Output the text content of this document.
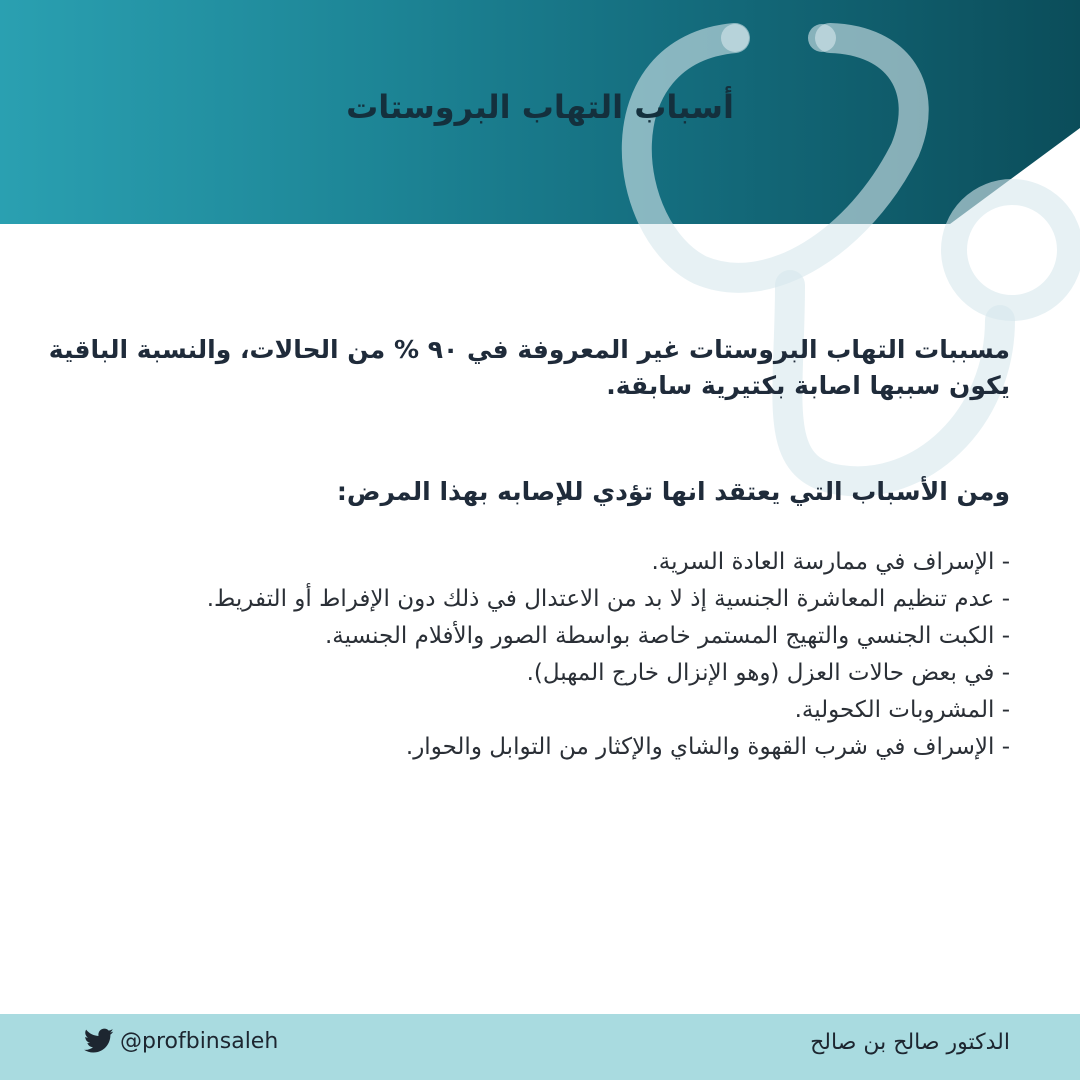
أسباب التهاب البروستات

مسببات التهاب البروستات غير المعروفة في ٩٠ % من الحالات، والنسبة الباقية يكون سببها اصابة بكتيرية سابقة.

ومن الأسباب التي يعتقد انها تؤدي للإصابه بهذا المرض:

- الإسراف في ممارسة العادة السرية.
- عدم تنظيم المعاشرة الجنسية إذ لا بد من الاعتدال في ذلك دون الإفراط أو التفريط.
- الكبت الجنسي والتهيج المستمر خاصة بواسطة الصور والأفلام الجنسية.
- في بعض حالات العزل (وهو الإنزال خارج المهبل).
- المشروبات الكحولية.
- الإسراف في شرب القهوة والشاي والإكثار من التوابل والحوار.
@profbinsaleh	الدكتور صالح بن صالح
